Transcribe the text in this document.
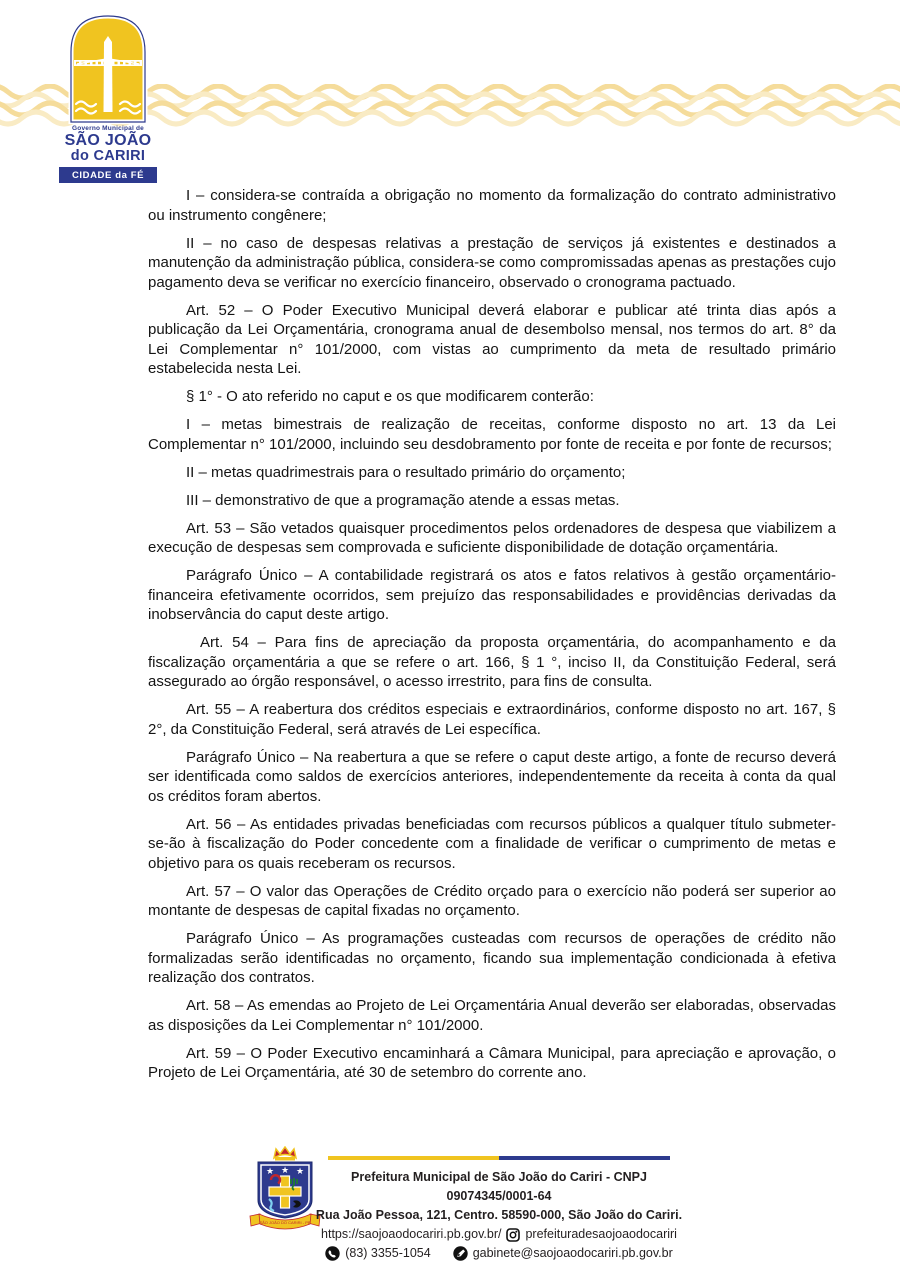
Governo Municipal de
SÃO JOÃO
do CARIRI
CIDADE da FÉ

I – considera-se contraída a obrigação no momento da formalização do contrato administrativo ou instrumento congênere;

II – no caso de despesas relativas a prestação de serviços já existentes e destinados a manutenção da administração pública, considera-se como compromissadas apenas as prestações cujo pagamento deva se verificar no exercício financeiro, observado o cronograma pactuado.

Art. 52 – O Poder Executivo Municipal deverá elaborar e publicar até trinta dias após a publicação da Lei Orçamentária, cronograma anual de desembolso mensal, nos termos do art. 8° da Lei Complementar n° 101/2000, com vistas ao cumprimento da meta de resultado primário estabelecida nesta Lei.

§ 1° - O ato referido no caput e os que modificarem conterão:

I – metas bimestrais de realização de receitas, conforme disposto no art. 13 da Lei Complementar n° 101/2000, incluindo seu desdobramento por fonte de receita e por fonte de recursos;

II – metas quadrimestrais para o resultado primário do orçamento;

III – demonstrativo de que a programação atende a essas metas.

Art. 53 – São vetados quaisquer procedimentos pelos ordenadores de despesa que viabilizem a execução de despesas sem comprovada e suficiente disponibilidade de dotação orçamentária.

Parágrafo Único – A contabilidade registrará os atos e fatos relativos à gestão orçamentário-financeira efetivamente ocorridos, sem prejuízo das responsabilidades e providências derivadas da inobservância do caput deste artigo.

Art. 54 – Para fins de apreciação da proposta orçamentária, do acompanhamento e da fiscalização orçamentária a que se refere o art. 166, § 1 °, inciso II, da Constituição Federal, será assegurado ao órgão responsável, o acesso irrestrito, para fins de consulta.

Art. 55 – A reabertura dos créditos especiais e extraordinários, conforme disposto no art. 167, § 2°, da Constituição Federal, será através de Lei específica.

Parágrafo Único – Na reabertura a que se refere o caput deste artigo, a fonte de recurso deverá ser identificada como saldos de exercícios anteriores, independentemente da receita à conta da qual os créditos foram abertos.

Art. 56 – As entidades privadas beneficiadas com recursos públicos a qualquer título submeter-se-ão à fiscalização do Poder concedente com a finalidade de verificar o cumprimento de metas e objetivo para os quais receberam os recursos.

Art. 57 – O valor das Operações de Crédito orçado para o exercício não poderá ser superior ao montante de despesas de capital fixadas no orçamento.

Parágrafo Único – As programações custeadas com recursos de operações de crédito não formalizadas serão identificadas no orçamento, ficando sua implementação condicionada à efetiva realização dos contratos.

Art. 58 – As emendas ao Projeto de Lei Orçamentária Anual deverão ser elaboradas, observadas as disposições da Lei Complementar n° 101/2000.

Art. 59 – O Poder Executivo encaminhará a Câmara Municipal, para apreciação e aprovação, o Projeto de Lei Orçamentária, até 30 de setembro do corrente ano.

★ ★ ★
SÃO JOÃO DO CARIRI - PB
Prefeitura Municipal de São João do Cariri - CNPJ 09074345/0001-64
Rua João Pessoa, 121, Centro. 58590-000, São João do Cariri.
https://saojoaodocariri.pb.gov.br/ prefeituradesaojoaodocariri
(83) 3355-1054	gabinete@saojoaodocariri.pb.gov.br
